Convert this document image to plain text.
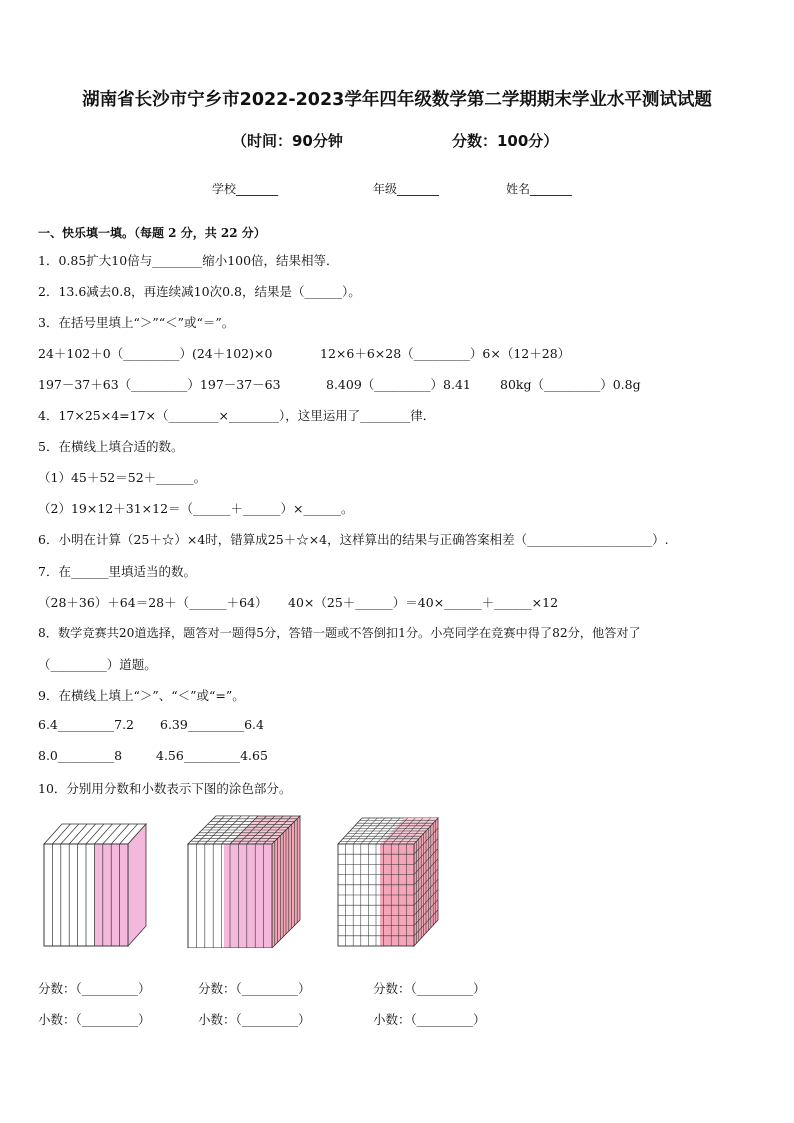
湖南省长沙市宁乡市2022-2023学年四年级数学第二学期期末学业水平测试试题
（时间：90分钟	分数：100分）
学校_______	年级_______	姓名_______
一、快乐填一填。（每题 2 分，共 22 分）
1．0.85扩大10倍与________缩小100倍，结果相等．
2．13.6减去0.8，再连续减10次0.8，结果是（______）。
3．在括号里填上“＞”“＜”或“＝”。
24＋102＋0（_________）(24＋102)×0	12×6＋6×28（_________）6×（12＋28）
197－37＋63（_________）197－37－63	8.409（_________）8.41 80kg（_________）0.8g
4．17×25×4=17×（________×________），这里运用了________律．
5．在横线上填合适的数。
（1）45＋52＝52＋______。
（2）19×12＋31×12＝（______＋______）×______。
6．小明在计算（25＋☆）×4时，错算成25＋☆×4，这样算出的结果与正确答案相差（____________________）.
7．在______里填适当的数。
（28＋36）＋64＝28＋（______＋64） 40×（25＋______）＝40×______＋______×12
8．数学竞赛共20道选择，题答对一题得5分，答错一题或不答倒扣1分。小亮同学在竞赛中得了82分，他答对了
（_________）道题。
9．在横线上填上“＞”、“＜”或“=”。
6.4_________7.2 6.39_________6.4
8.0_________8	4.56_________4.65
10．分别用分数和小数表示下图的涂色部分。
分数：（_________）
小数：（_________）
分数：（_________）
小数：（_________）
分数：（_________）
小数：（_________）
